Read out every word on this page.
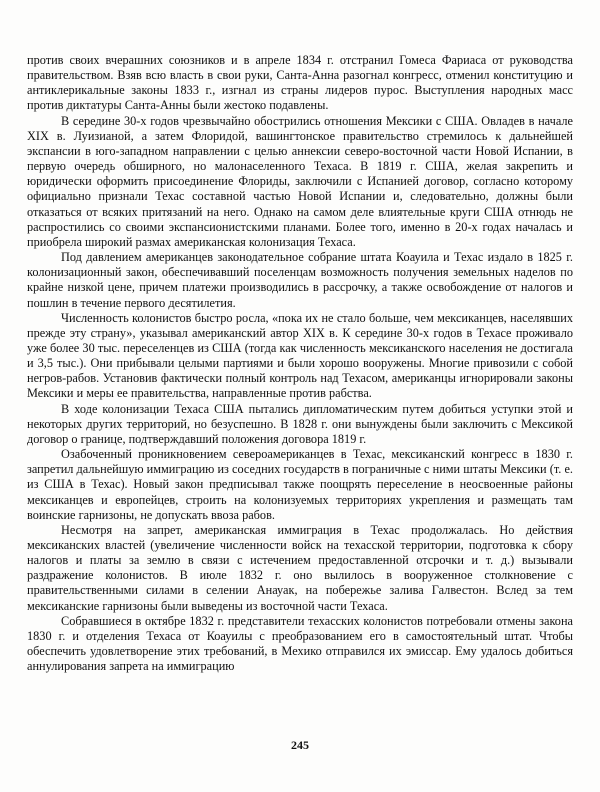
против своих вчерашних союзников и в апреле 1834 г. отстранил Гомеса Фариаса от руководства правительством. Взяв всю власть в свои руки, Санта-Анна разогнал конгресс, отменил конституцию и антиклерикальные законы 1833 г., изгнал из страны лидеров пурос. Выступления народных масс против диктатуры Санта-Анны были жестоко подавлены.

В середине 30-х годов чрезвычайно обострились отношения Мексики с США. Овладев в начале XIX в. Луизианой, а затем Флоридой, вашингтонское правительство стремилось к дальнейшей экспансии в юго-западном направлении с целью аннексии северо-восточной части Новой Испании, в первую очередь обширного, но малонаселенного Техаса. В 1819 г. США, желая закрепить и юридически оформить присоединение Флориды, заключили с Испанией договор, согласно которому официально признали Техас составной частью Новой Испании и, следовательно, должны были отказаться от всяких притязаний на него. Однако на самом деле влиятельные круги США отнюдь не распростились со своими экспансионистскими планами. Более того, именно в 20-х годах началась и приобрела широкий размах американская колонизация Техаса.

Под давлением американцев законодательное собрание штата Коауила и Техас издало в 1825 г. колонизационный закон, обеспечивавший поселенцам возможность получения земельных наделов по крайне низкой цене, причем платежи производились в рассрочку, а также освобождение от налогов и пошлин в течение первого десятилетия.

Численность колонистов быстро росла, «пока их не стало больше, чем мексиканцев, населявших прежде эту страну», указывал американский автор XIX в. К середине 30-х годов в Техасе проживало уже более 30 тыс. переселенцев из США (тогда как численность мексиканского населения не достигала и 3,5 тыс.). Они прибывали целыми партиями и были хорошо вооружены. Многие привозили с собой негров-рабов. Установив фактически полный контроль над Техасом, американцы игнорировали законы Мексики и меры ее правительства, направленные против рабства.

В ходе колонизации Техаса США пытались дипломатическим путем добиться уступки этой и некоторых других территорий, но безуспешно. В 1828 г. они вынуждены были заключить с Мексикой договор о границе, подтверждавший положения договора 1819 г.

Озабоченный проникновением североамериканцев в Техас, мексиканский конгресс в 1830 г. запретил дальнейшую иммиграцию из соседних государств в пограничные с ними штаты Мексики (т. е. из США в Техас). Новый закон предписывал также поощрять переселение в неосвоенные районы мексиканцев и европейцев, строить на колонизуемых территориях укрепления и размещать там воинские гарнизоны, не допускать ввоза рабов.

Несмотря на запрет, американская иммиграция в Техас продолжалась. Но действия мексиканских властей (увеличение численности войск на техасской территории, подготовка к сбору налогов и платы за землю в связи с истечением предоставленной отсрочки и т. д.) вызывали раздражение колонистов. В июле 1832 г. оно вылилось в вооруженное столкновение с правительственными силами в селении Анауак, на побережье залива Галвестон. Вслед за тем мексиканские гарнизоны были выведены из восточной части Техаса.

Собравшиеся в октябре 1832 г. представители техасских колонистов потребовали отмены закона 1830 г. и отделения Техаса от Коауилы с преобразованием его в самостоятельный штат. Чтобы обеспечить удовлетворение этих требований, в Мехико отправился их эмиссар. Ему удалось добиться аннулирования запрета на иммиграцию

245
